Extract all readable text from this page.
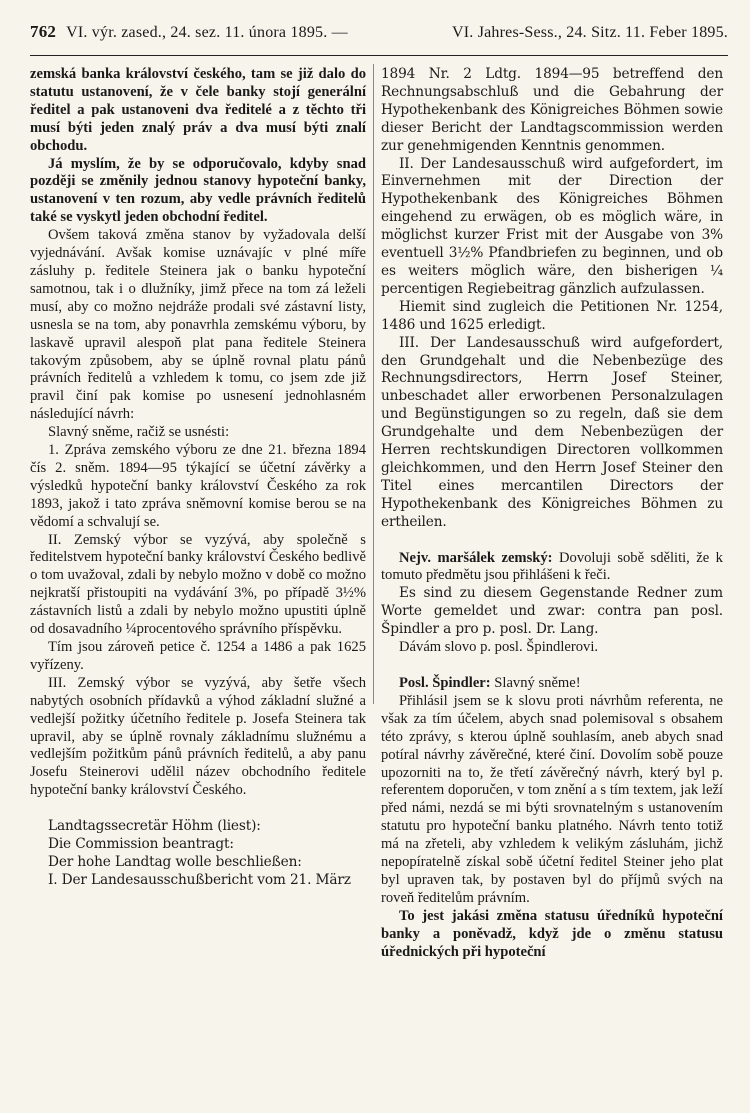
762 VI. výr. zased., 24. sez. 11. února 1895. —	VI. Jahres-Sess., 24. Sitz. 11. Feber 1895.

zemská banka království českého, tam se již dalo do statutu ustanovení, že v čele banky stojí generální ředitel a pak ustanoveni dva ředitelé a z těchto tři musí býti jeden znalý práv a dva musí býti znalí obchodu.

Já myslím, že by se odporučovalo, kdyby snad později se změnily jednou stanovy hypoteční banky, ustanovení v ten rozum, aby vedle právních ředitelů také se vyskytl jeden obchodní ředitel.

Ovšem taková změna stanov by vyžadovala delší vyjednávání. Avšak komise uznávajíc v plné míře zásluhy p. ředitele Steinera jak o banku hypoteční samotnou, tak i o dlužníky, jimž přece na tom zá leželi musí, aby co možno nejdráže prodali své zástavní listy, usnesla se na tom, aby ponavrhla zemskému výboru, by laskavě upravil alespoň plat pana ředitele Steinera takovým způsobem, aby se úplně rovnal platu pánů právních ředitelů a vzhledem k tomu, co jsem zde již pravil činí pak komise po usnesení jednohlasném následující návrh:

Slavný sněme, račiž se usnésti:

1. Zpráva zemského výboru ze dne 21. března 1894 čís 2. sněm. 1894—95 týkající se účetní závěrky a výsledků hypoteční banky království Českého za rok 1893, jakož i tato zpráva sněmovní komise berou se na vědomí a schvalují se.

II. Zemský výbor se vyzývá, aby společně s ředitelstvem hypoteční banky království Českého bedlivě o tom uvažoval, zdali by nebylo možno v době co možno nejkratší přistoupiti na vydávání 3%, po případě 3½% zástavních listů a zdali by nebylo možno upustiti úplně od dosavadního ¼procentového správního příspěvku.

Tím jsou zároveň petice č. 1254 a 1486 a pak 1625 vyřízeny.

III. Zemský výbor se vyzývá, aby šetře všech nabytých osobních přídavků a výhod základní služné a vedlejší požitky účetního ředitele p. Josefa Steinera tak upravil, aby se úplně rovnaly základnímu služnému a vedlejším požitkům pánů právních ředitelů, a aby panu Josefu Steinerovi udělil název obchodního ředitele hypoteční banky království Českého.

Landtagssecretär Höhm (liest):

Die Commission beantragt:

Der hohe Landtag wolle beschließen:

I. Der Landesausschußbericht vom 21. März

1894 Nr. 2 Ldtg. 1894—95 betreffend den Rechnungsabschluß und die Gebahrung der Hypothekenbank des Königreiches Böhmen sowie dieser Bericht der Landtagscommission werden zur genehmigenden Kenntnis genommen.

II. Der Landesausschuß wird aufgefordert, im Einvernehmen mit der Direction der Hypothekenbank des Königreiches Böhmen eingehend zu erwägen, ob es möglich wäre, in möglichst kurzer Frist mit der Ausgabe von 3% eventuell 3½% Pfandbriefen zu beginnen, und ob es weiters möglich wäre, den bisherigen ¼ percentigen Regiebeitrag gänzlich aufzulassen.

Hiemit sind zugleich die Petitionen Nr. 1254, 1486 und 1625 erledigt.

III. Der Landesausschuß wird aufgefordert, den Grundgehalt und die Nebenbezüge des Rechnungsdirectors, Herrn Josef Steiner, unbeschadet aller erworbenen Personalzulagen und Begünstigungen so zu regeln, daß sie dem Grundgehalte und dem Nebenbezügen der Herren rechtskundigen Directoren vollkommen gleichkommen, und den Herrn Josef Steiner den Titel eines mercantilen Directors der Hypothekenbank des Königreiches Böhmen zu ertheilen.

Nejv. maršálek zemský: Dovoluji sobě sděliti, že k tomuto předmětu jsou přihlášeni k řeči.

Es sind zu diesem Gegenstande Redner zum Worte gemeldet und zwar: contra pan posl. Špindler a pro p. posl. Dr. Lang.

Dávám slovo p. posl. Špindlerovi.

Posl. Špindler: Slavný sněme!

Přihlásil jsem se k slovu proti návrhům referenta, ne však za tím účelem, abych snad polemisoval s obsahem této zprávy, s kterou úplně souhlasím, aneb abych snad potíral návrhy závěrečné, které činí. Dovolím sobě pouze upozorniti na to, že třetí závěrečný návrh, který byl p. referentem doporučen, v tom znění a s tím textem, jak leží před námi, nezdá se mi býti srovnatelným s ustanovením statutu pro hypoteční banku platného. Návrh tento totiž má na zřeteli, aby vzhledem k velikým zásluhám, jichž nepopíratelně získal sobě účetní ředitel Steiner jeho plat byl upraven tak, by postaven byl do příjmů svých na roveň ředitelům právním.

To jest jakási změna statusu úředníků hypoteční banky a poněvadž, když jde o změnu statusu úřednických při hypoteční
